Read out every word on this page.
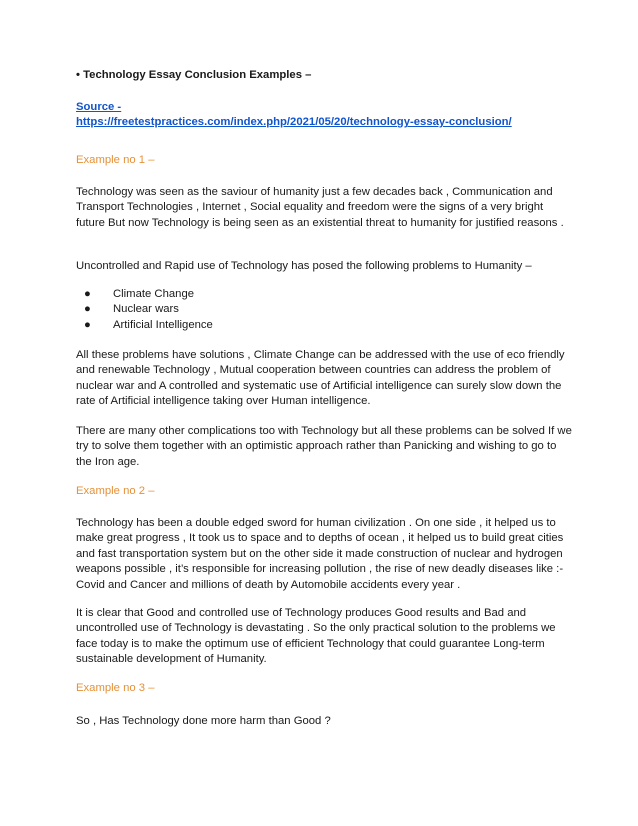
• Technology Essay Conclusion Examples –

Source -
https://freetestpractices.com/index.php/2021/05/20/technology-essay-conclusion/

Example no 1 –

Technology was seen as the saviour of humanity just a few decades back , Communication and Transport Technologies , Internet , Social equality and freedom were the signs of a very bright future But now Technology is being seen as an existential threat to humanity for justified reasons .

Uncontrolled and Rapid use of Technology has posed the following problems to Humanity –

● Climate Change
● Nuclear wars
● Artificial Intelligence

All these problems have solutions , Climate Change can be addressed with the use of eco friendly and renewable Technology , Mutual cooperation between countries can address the problem of nuclear war and A controlled and systematic use of Artificial intelligence can surely slow down the rate of Artificial intelligence taking over Human intelligence.

There are many other complications too with Technology but all these problems can be solved If we try to solve them together with an optimistic approach rather than Panicking and wishing to go to the Iron age.

Example no 2 –

Technology has been a double edged sword for human civilization . On one side , it helped us to make great progress , It took us to space and to depths of ocean , it helped us to build great cities and fast transportation system but on the other side it made construction of nuclear and hydrogen weapons possible , it’s responsible for increasing pollution , the rise of new deadly diseases like :- Covid and Cancer and millions of death by Automobile accidents every year .

It is clear that Good and controlled use of Technology produces Good results and Bad and uncontrolled use of Technology is devastating . So the only practical solution to the problems we face today is to make the optimum use of efficient Technology that could guarantee Long-term sustainable development of Humanity.

Example no 3 –

So , Has Technology done more harm than Good ?
